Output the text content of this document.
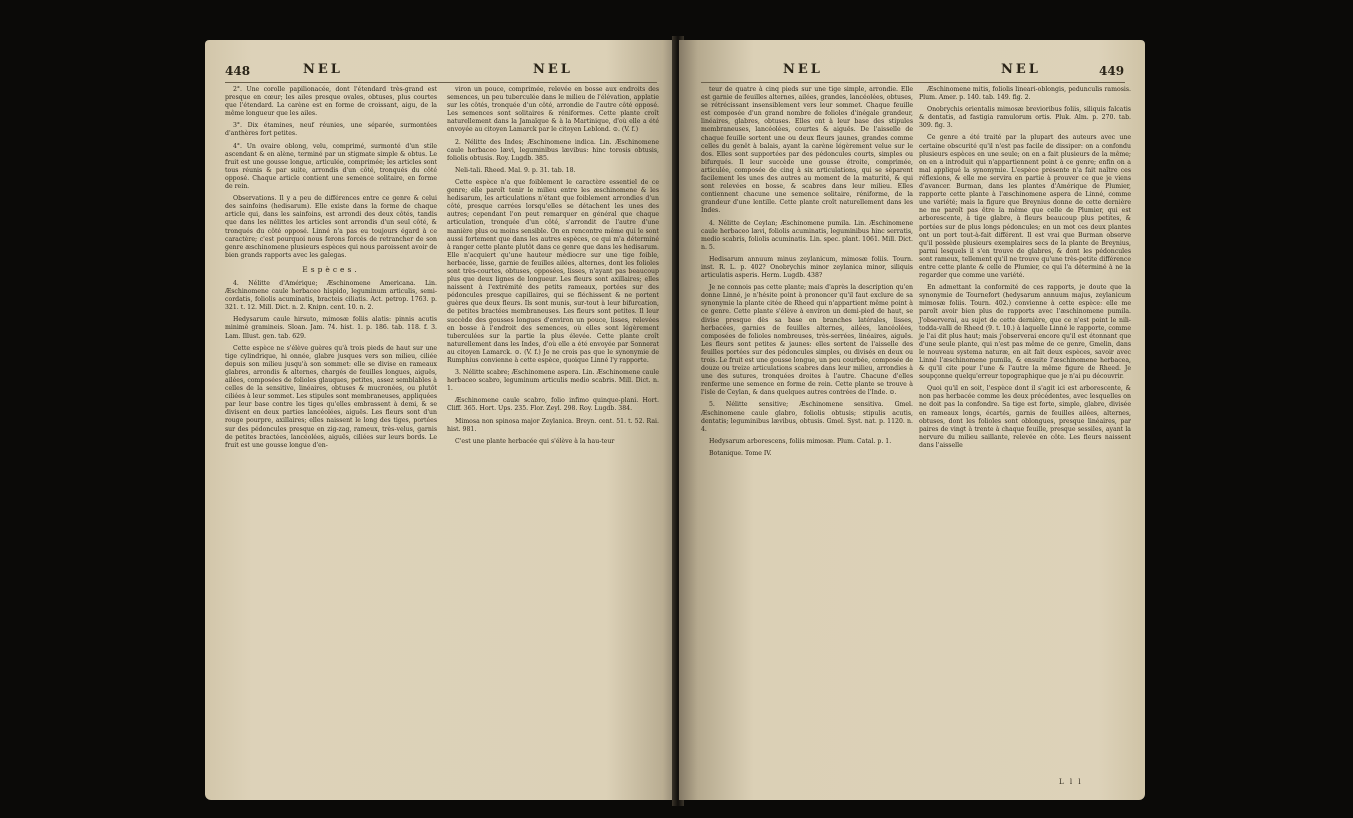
448	NEL	NEL

2°. Une corolle papilionacée, dont l'étendard très-grand est presque en cœur; les ailes presque ovales, obtuses, plus courtes que l'étendard. La carène est en forme de croissant, aigu, de la même longueur que les ailes.

3°. Dix étamines, neuf réunies, une séparée, surmontées d'anthères fort petites.

4°. Un ovaire oblong, velu, comprimé, surmonté d'un stile ascendant & en alène, terminé par un stigmate simple & obtus. Le fruit est une gousse longue, articulée, comprimée; les articles sont tous réunis & par suite, arrondis d'un côté, tronqués du côté opposé. Chaque article contient une semence solitaire, en forme de rein.

Observations. Il y a peu de différences entre ce genre & celui des sainfoins (hedisarum). Elle existe dans la forme de chaque article qui, dans les sainfoins, est arrondi des deux côtés, tandis que dans les nélittes les articles sont arrondis d'un seul côté, & tronqués du côté opposé. Linné n'a pas eu toujours égard à ce caractère; c'est pourquoi nous ferons forcés de retrancher de son genre æschinomene plusieurs espèces qui nous paroissent avoir de bien grands rapports avec les galegas.

Espèces.

4. Nélitte d'Amérique; Æschinomene Americana. Lin. Æschinomene caule herbaceo hispido, leguminum articulis, semi-cordatis, foliolis acuminatis, bracteis ciliatis. Act. petrop. 1763. p. 321. t. 12. Mill. Dict. n. 2. Knipn. cent. 10. n. 2.

Hedysarum caule hirsuto, mimosæ foliis alatis: pinnis acutis minimè gramineis. Sloan. Jam. 74. hist. 1. p. 186. tab. 118. f. 3. Lam. Illust. gen. tab. 629.

Cette espèce ne s'élève guères qu'à trois pieds de haut sur une tige cylindrique, hi onnée, glabre jusques vers son milieu, ciliée depuis son milieu jusqu'à son sommet: elle se divise en rameaux glabres, arrondis & alternes, chargés de feuilles longues, aiguës, ailées, composées de folioles glauques, petites, assez semblables à celles de la sensitive, linéaires, obtuses & mucronées, ou plutôt ciliées à leur sommet. Les stipules sont membraneuses, appliquées par leur base contre les tiges qu'elles embrassent à demi, & se divisent en deux parties lancéolées, aiguës. Les fleurs sont d'un rouge pourpre, axillaires; elles naissent le long des tiges, portées sur des pédoncules presque en zig-zag, rameux, très-velus, garnis de petites bractées, lancéolées, aiguës, ciliées sur leurs bords. Le fruit est une gousse longue d'en-

viron un pouce, comprimée, relevée en bosse aux endroits des semences, un peu tuberculée dans le milieu de l'élévation, applatie sur les côtés, tronquée d'un côté, arrondie de l'autre côté opposé. Les semences sont solitaires & réniformes. Cette plante croît naturellement dans la Jamaïque & à la Martinique, d'où elle a été envoyée au citoyen Lamarck par le citoyen Leblond. ⊙. (V. f.)

2. Nélitte des Indes; Æschinomene indica. Lin. Æschinomene caule herbaceo lævi, leguminibus lævibus: hinc torosis obtusis, foliolis obtusis. Roy. Lugdb. 385.

Neli-tali. Rheed. Mal. 9. p. 31. tab. 18.

Cette espèce n'a que foiblement le caractère essentiel de ce genre; elle paroît tenir le milieu entre les æschinomene & les hedisarum, les articulations n'étant que foiblement arrondies d'un côté, presque carrées lorsqu'elles se détachent les unes des autres; cependant l'on peut remarquer en général que chaque articulation, tronquée d'un côté, s'arrondit de l'autre d'une manière plus ou moins sensible. On en rencontre même qui le sont aussi fortement que dans les autres espèces, ce qui m'a déterminé à ranger cette plante plutôt dans ce genre que dans les hedisarum. Elle n'acquiert qu'une hauteur médiocre sur une tige foible, herbacée, lisse, garnie de feuilles ailées, alternes, dont les folioles sont très-courtes, obtuses, opposées, lisses, n'ayant pas beaucoup plus que deux lignes de longueur. Les fleurs sont axillaires; elles naissent à l'extrémité des petits rameaux, portées sur des pédoncules presque capillaires, qui se fléchissent & ne portent guères que deux fleurs. Ils sont munis, sur-tout à leur bifurcation, de petites bractées membraneuses. Les fleurs sont petites. Il leur succède des gousses longues d'environ un pouce, lisses, relevées en bosse à l'endroit des semences, où elles sont légèrement tuberculées sur la partie la plus élevée. Cette plante croît naturellement dans les Indes, d'où elle a été envoyée par Sonnerat au citoyen Lamarck. ⊙. (V. f.) Je ne crois pas que le synonymie de Rumphius convienne à cette espèce, quoique Linné l'y rapporte.

3. Nélitte scabre; Æschinomene aspera. Lin. Æschinomene caule herbaceo scabro, leguminum articulis medio scabris. Mill. Dict. n. 1.

Æschinomene caule scabro, folio infimo quinque-plani. Hort. Cliff. 365. Hort. Ups. 235. Flor. Zeyl. 298. Roy. Lugdb. 384.

Mimosa non spinosa major Zeylanica. Breyn. cent. 51. t. 52. Rai. hist. 981.

C'est une plante herbacée qui s'élève à la hau-teur

NEL	NEL	449

teur de quatre à cinq pieds sur une tige simple, arrondie. Elle est garnie de feuilles alternes, ailées, grandes, lancéolées, obtuses, se rétrécissant insensiblement vers leur sommet. Chaque feuille est composée d'un grand nombre de folioles d'inégale grandeur, linéaires, glabres, obtuses. Elles ont à leur base des stipules membraneuses, lancéolées, courtes & aiguës. De l'aisselle de chaque feuille sortent une ou deux fleurs jaunes, grandes comme celles du genêt à balais, ayant la carène légèrement velue sur le dos. Elles sont supportées par des pédoncules courts, simples ou bifurqués. Il leur succède une gousse étroite, comprimée, articulée, composée de cinq à six articulations, qui se séparent facilement les unes des autres au moment de la maturité, & qui sont relevées en bosse, & scabres dans leur milieu. Elles contiennent chacune une semence solitaire, réniforme, de la grandeur d'une lentille. Cette plante croît naturellement dans les Indes.

4. Nélitte de Ceylan; Æschinomene pumila. Lin. Æschinomene caule herbaceo lævi, foliolis acuminatis, leguminibus hinc serratis, medio scabris, foliolis acuminatis. Lin. spec. plant. 1061. Mill. Dict. n. 5.

Hedisarum annuum minus zeylanicum, mimosæ foliis. Tourn. inst. R. L. p. 402? Onobrychis minor zeylanica minor, siliquis articulatis asperis. Herm. Lugdb. 438?

Je ne connois pas cette plante; mais d'après la description qu'en donne Linné, je n'hésite point à prononcer qu'il faut exclure de sa synonymie la plante citée de Rheed qui n'appartient même point à ce genre. Cette plante s'élève à environ un demi-pied de haut, se divise presque dès sa base en branches latérales, lisses, herbacées, garnies de feuilles alternes, ailées, lancéolées, composées de folioles nombreuses, très-serrées, linéaires, aiguës. Les fleurs sont petites & jaunes: elles sortent de l'aisselle des feuilles portées sur des pédoncules simples, ou divisés en deux ou trois. Le fruit est une gousse longue, un peu courbée, composée de douze ou treize articulations scabres dans leur milieu, arrondies à une des sutures, tronquées droites à l'autre. Chacune d'elles renferme une semence en forme de rein. Cette plante se trouve à l'isle de Ceylan, & dans quelques autres contrées de l'Inde. ⊙.

5. Nélitte sensitive; Æschinomene sensitiva. Gmel. Æschinomene caule glabro, foliolis obtusis; stipulis acutis, dentatis; leguminibus lævibus, obtusis. Gmel. Syst. nat. p. 1120. n. 4.

Hedysarum arborescens, foliis mimosæ. Plum. Catal. p. 1.

Botanique. Tome IV.

Æschinomene mitis, foliolis lineari-oblongis, pedunculis ramosis. Plum. Amer. p. 140. tab. 149. fig. 2.

Onobrychis orientalis mimosæ brevioribus foliis, siliquis falcatis & dentatis, ad fastigia ramulorum ortis. Pluk. Alm. p. 270. tab. 309. fig. 3.

Ce genre a été traité par la plupart des auteurs avec une certaine obscurité qu'il n'est pas facile de dissiper: on a confondu plusieurs espèces en une seule; on en a fait plusieurs de la même; on en a introduit qui n'appartiennent point à ce genre; enfin on a mal appliqué la synonymie. L'espèce présente n'a fait naître ces réflexions, & elle me servira en partie à prouver ce que je viens d'avancer. Burman, dans les plantes d'Amérique de Plumier, rapporte cette plante à l'æschinomene aspera de Linné, comme une variété; mais la figure que Breynius donne de cette dernière ne me paroît pas être la même que celle de Plumier, qui est arborescente, à tige glabre, à fleurs beaucoup plus petites, & portées sur de plus longs pédoncules; en un mot ces deux plantes ont un port tout-à-fait différent. Il est vrai que Burman observe qu'il possède plusieurs exemplaires secs de la plante de Breynius, parmi lesquels il s'en trouve de glabres, & dont les pédoncules sont rameux, tellement qu'il ne trouve qu'une très-petite différence entre cette plante & celle de Plumier, ce qui l'a déterminé à ne la regarder que comme une variété.

En admettant la conformité de ces rapports, je doute que la synonymie de Tournefort (hedysarum annuum majus, zeylanicum mimosæ foliis. Tourn. 402.) convienne à cette espèce: elle me paroît avoir bien plus de rapports avec l'æschinomene pumila. J'observerai, au sujet de cette dernière, que ce n'est point le nili-todda-valli de Rheed (9. t. 10.) à laquelle Linné le rapporte, comme je l'ai dit plus haut; mais j'observerai encore qu'il est étonnant que d'une seule plante, qui n'est pas même de ce genre, Gmelin, dans le nouveau systema naturæ, en ait fait deux espèces, savoir avec Linné l'æschinomene pumila, & ensuite l'æschinomene herbacea, & qu'il cite pour l'une & l'autre la même figure de Rheed. Je soupçonne quelqu'erreur topographique que je n'ai pu découvrir.

Quoi qu'il en soit, l'espèce dont il s'agit ici est arborescente, & non pas herbacée comme les deux précédentes, avec lesquelles on ne doit pas la confondre. Sa tige est forte, simple, glabre, divisée en rameaux longs, écartés, garnis de feuilles ailées, alternes, obtuses, dont les folioles sont oblongues, presque linéaires, par paires de vingt à trente à chaque feuille, presque sessiles, ayant la nervure du milieu saillante, relevée en côte. Les fleurs naissent dans l'aisselle

L l l
